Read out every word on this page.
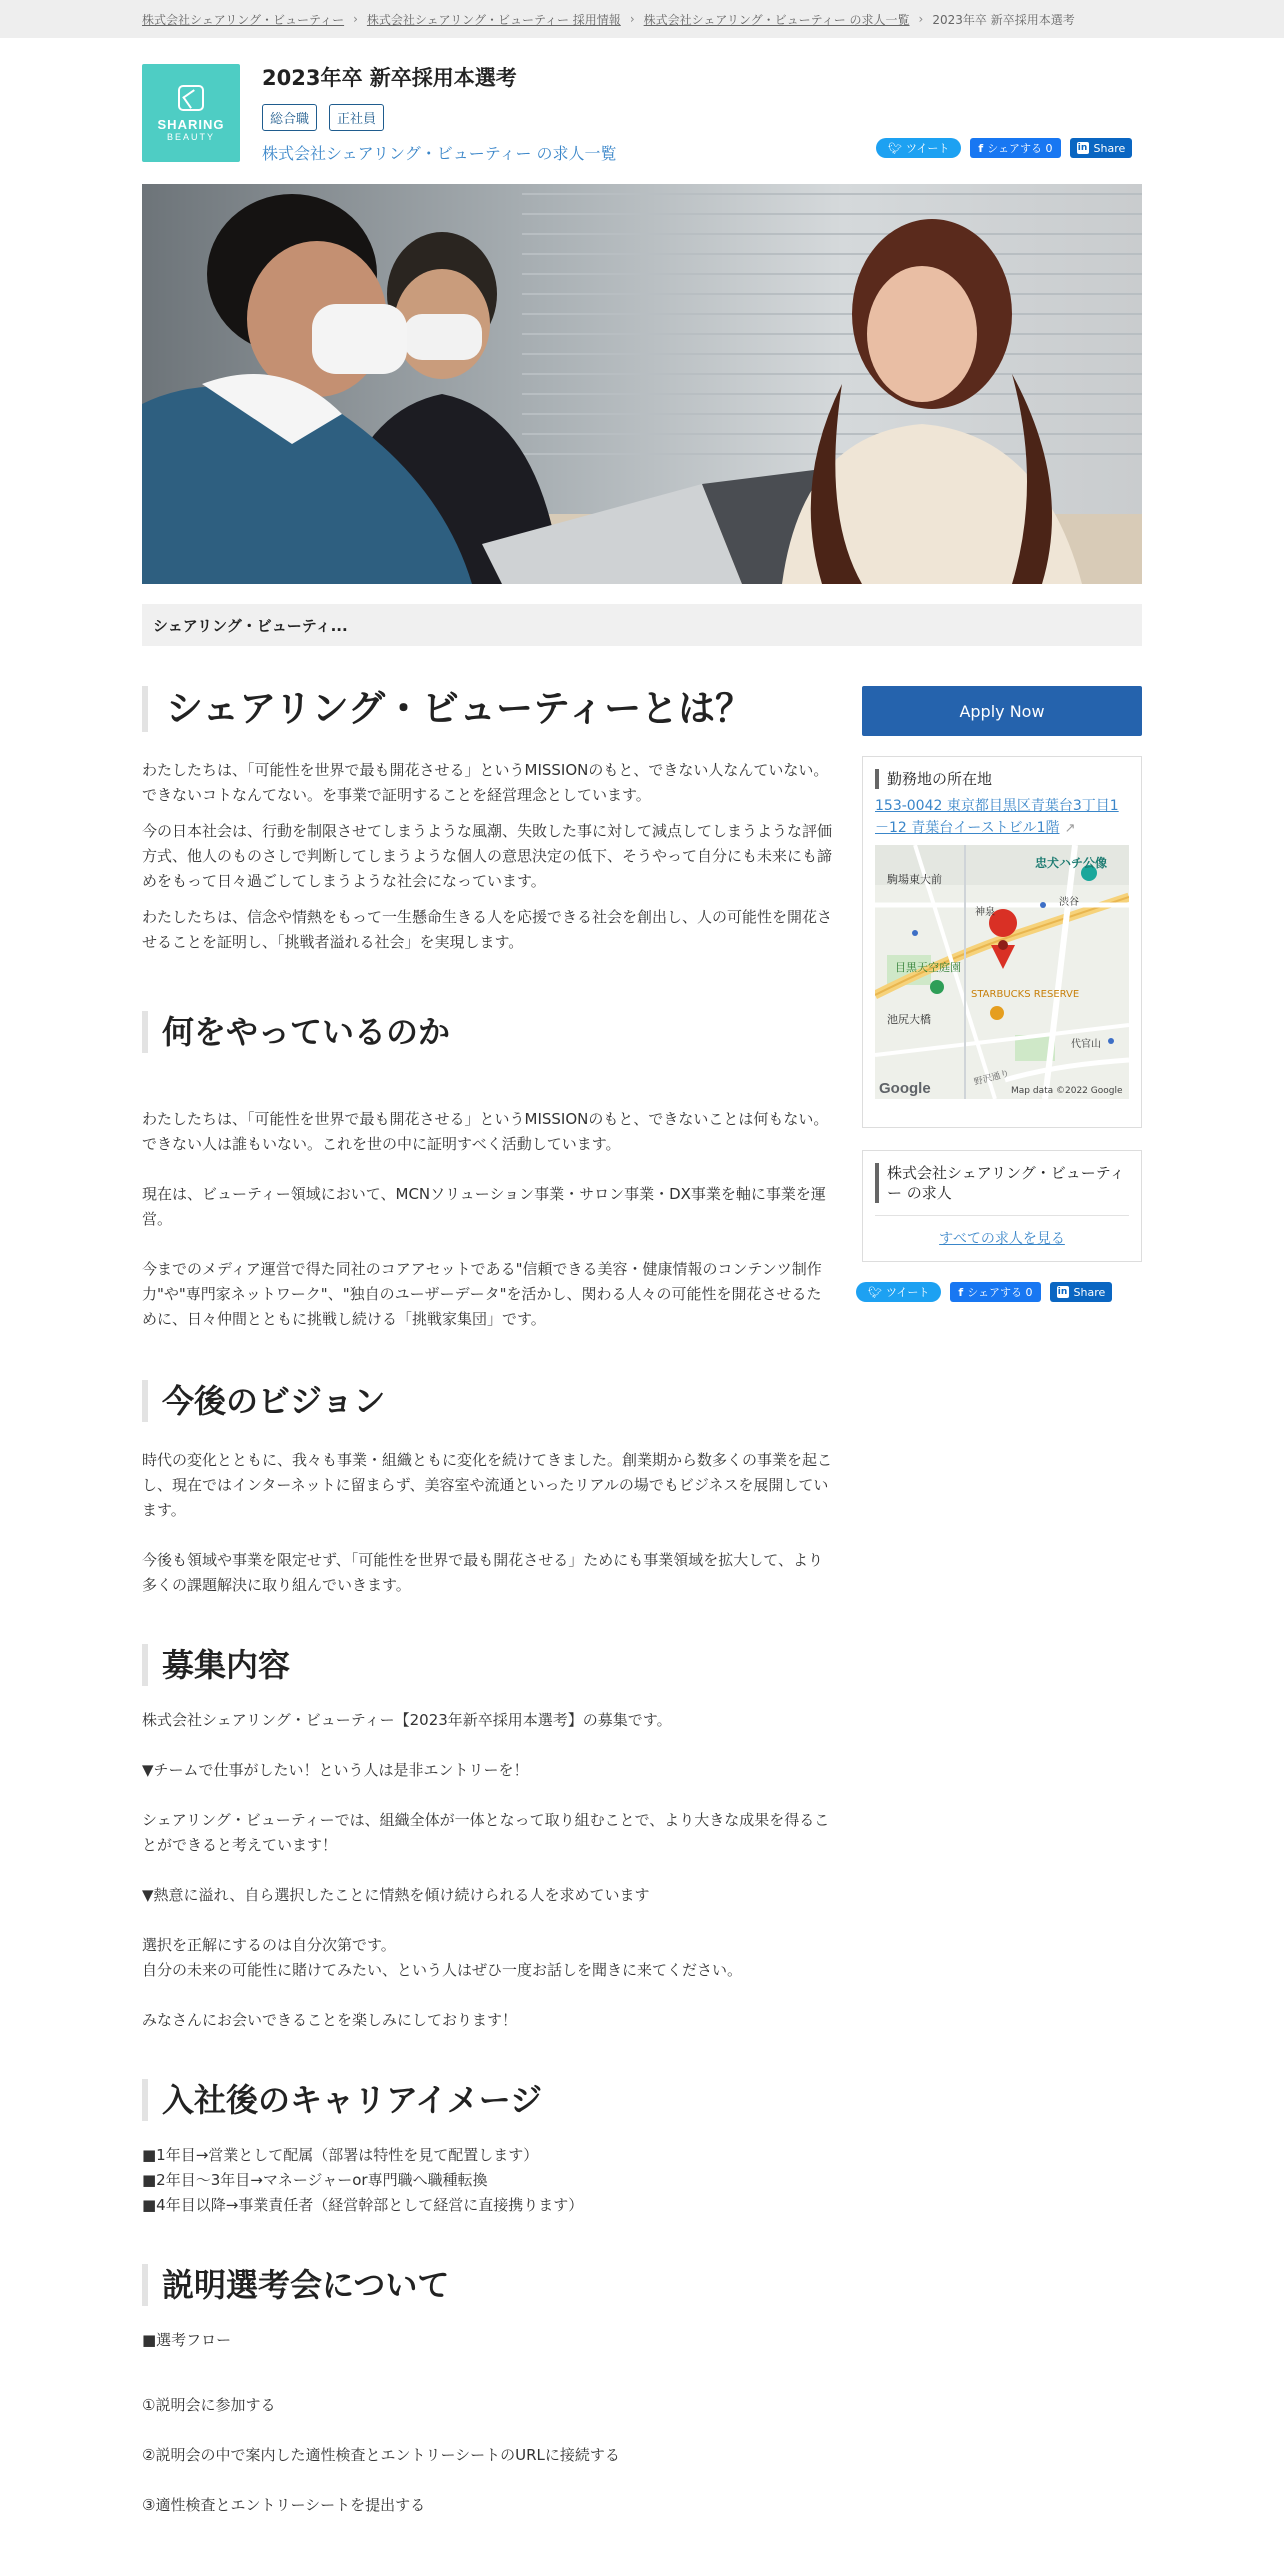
株式会社シェアリング・ビューティー › 株式会社シェアリング・ビューティー 採用情報 › 株式会社シェアリング・ビューティー の求人一覧 › 2023年卒 新卒採用本選考
SHARING
BEAUTY
2023年卒 新卒採用本選考
総合職	正社員
株式会社シェアリング・ビューティー の求人一覧	🐦︎ ツイート	f シェアする 0	in Share
シェアリング・ビューティ...
シェアリング・ビューティーとは？

わたしたちは、「可能性を世界で最も開花させる」というMISSIONのもと、できない人なんていない。できないコトなんてない。を事業で証明することを経営理念としています。

今の日本社会は、行動を制限させてしまうような風潮、失敗した事に対して減点してしまうような評価方式、他人のものさしで判断してしまうような個人の意思決定の低下、そうやって自分にも未来にも諦めをもって日々過ごしてしまうような社会になっています。

わたしたちは、信念や情熱をもって一生懸命生きる人を応援できる社会を創出し、人の可能性を開花させることを証明し、「挑戦者溢れる社会」を実現します。

何をやっているのか

わたしたちは、「可能性を世界で最も開花させる」というMISSIONのもと、できないことは何もない。できない人は誰もいない。これを世の中に証明すべく活動しています。

現在は、ビューティー領域において、MCNソリューション事業・サロン事業・DX事業を軸に事業を運営。

今までのメディア運営で得た同社のコアアセットである"信頼できる美容・健康情報のコンテンツ制作力"や"専門家ネットワーク"、"独自のユーザーデータ"を活かし、関わる人々の可能性を開花させるために、日々仲間とともに挑戦し続ける「挑戦家集団」です。

今後のビジョン

時代の変化とともに、我々も事業・組織ともに変化を続けてきました。創業期から数多くの事業を起こし、現在ではインターネットに留まらず、美容室や流通といったリアルの場でもビジネスを展開しています。

今後も領域や事業を限定せず、「可能性を世界で最も開花させる」ためにも事業領域を拡大して、より多くの課題解決に取り組んでいきます。

募集内容

株式会社シェアリング・ビューティー【2023年新卒採用本選考】の募集です。

▼チームで仕事がしたい！という人は是非エントリーを！

シェアリング・ビューティーでは、組織全体が一体となって取り組むことで、より大きな成果を得ることができると考えています！

▼熱意に溢れ、自ら選択したことに情熱を傾け続けられる人を求めています

選択を正解にするのは自分次第です。

自分の未来の可能性に賭けてみたい、という人はぜひ一度お話しを聞きに来てください。

みなさんにお会いできることを楽しみにしております！

入社後のキャリアイメージ

■1年目→営業として配属（部署は特性を見て配置します）

■2年目～3年目→マネージャーor専門職へ職種転換

■4年目以降→事業責任者（経営幹部として経営に直接携ります）

説明選考会について

■選考フロー

①説明会に参加する

②説明会の中で案内した適性検査とエントリーシートのURLに接続する

③適性検査とエントリーシートを提出する

Apply Now
勤務地の所在地
153-0042 東京都目黒区青葉台3丁目1－12 青葉台イーストビル1階 ↗
駒場東大前
忠犬ハチ公像
神泉
渋谷
目黒天空庭園
STARBUCKS RESERVE
池尻大橋
代官山
野沢通り
Google	Map data ©2022 Google
株式会社シェアリング・ビューティー の求人
すべての求人を見る
🐦︎ ツイート	f シェアする 0	in Share
